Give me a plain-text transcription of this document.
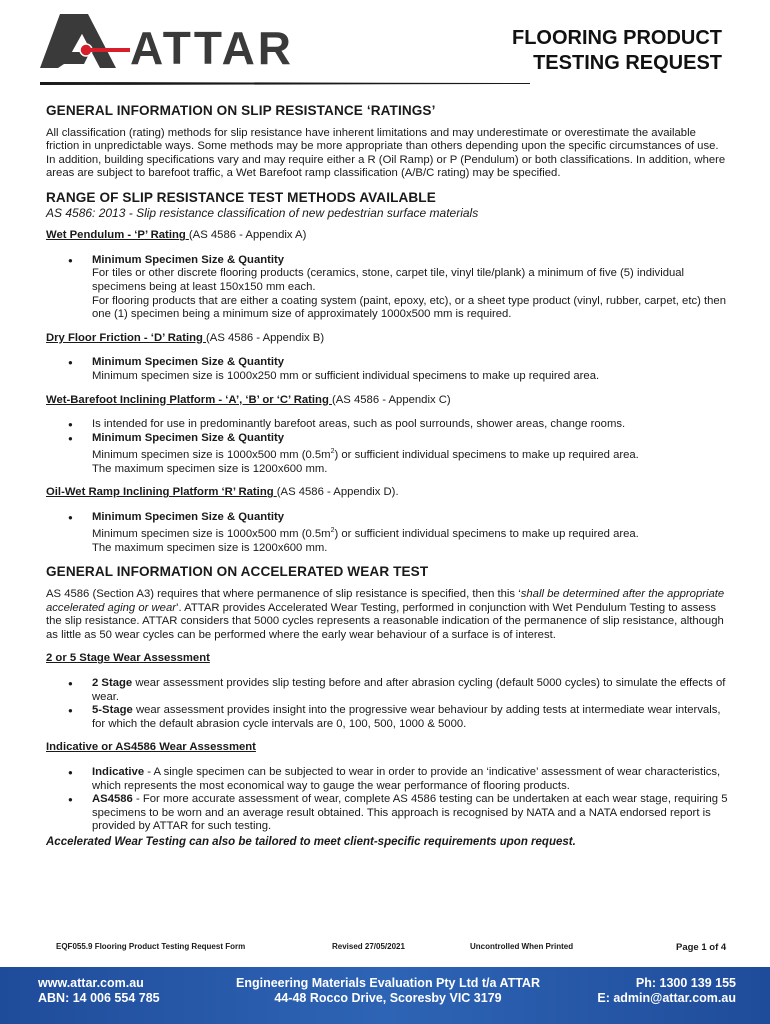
ATTAR	FLOORING PRODUCT
TESTING REQUEST
GENERAL INFORMATION ON SLIP RESISTANCE ‘RATINGS’
All classification (rating) methods for slip resistance have inherent limitations and may underestimate or overestimate the available friction in unpredictable ways. Some methods may be more appropriate than others depending upon the specific circumstances of use. In addition, building specifications vary and may require either a R (Oil Ramp) or P (Pendulum) or both classifications. In addition, where areas are subject to barefoot traffic, a Wet Barefoot ramp classification (A/B/C rating) may be specified.
RANGE OF SLIP RESISTANCE TEST METHODS AVAILABLE
AS 4586: 2013 - Slip resistance classification of new pedestrian surface materials
Wet Pendulum - ‘P’ Rating (AS 4586 - Appendix A)
● Minimum Specimen Size & Quantity
For tiles or other discrete flooring products (ceramics, stone, carpet tile, vinyl tile/plank) a minimum of five (5) individual specimens being at least 150x150 mm each.
For flooring products that are either a coating system (paint, epoxy, etc), or a sheet type product (vinyl, rubber, carpet, etc) then one (1) specimen being a minimum size of approximately 1000x500 mm is required.
Dry Floor Friction - ‘D’ Rating (AS 4586 - Appendix B)
● Minimum Specimen Size & Quantity
Minimum specimen size is 1000x250 mm or sufficient individual specimens to make up required area.
Wet-Barefoot Inclining Platform - ‘A’, ‘B’ or ‘C’ Rating (AS 4586 - Appendix C)
● Is intended for use in predominantly barefoot areas, such as pool surrounds, shower areas, change rooms.
● Minimum Specimen Size & Quantity
Minimum specimen size is 1000x500 mm $(0.5m^2)$ or sufficient individual specimens to make up required area.
The maximum specimen size is 1200x600 mm.
Oil-Wet Ramp Inclining Platform ‘R’ Rating (AS 4586 - Appendix D).
● Minimum Specimen Size & Quantity
Minimum specimen size is 1000x500 mm $(0.5m^2)$ or sufficient individual specimens to make up required area.
The maximum specimen size is 1200x600 mm.
GENERAL INFORMATION ON ACCELERATED WEAR TEST
AS 4586 (Section A3) requires that where permanence of slip resistance is specified, then this ‘shall be determined after the appropriate accelerated aging or wear’. ATTAR provides Accelerated Wear Testing, performed in conjunction with Wet Pendulum Testing to assess the slip resistance. ATTAR considers that 5000 cycles represents a reasonable indication of the permanence of slip resistance, although as little as 50 wear cycles can be performed where the early wear behaviour of a surface is of interest.
2 or 5 Stage Wear Assessment
● 2 Stage wear assessment provides slip testing before and after abrasion cycling (default 5000 cycles) to simulate the effects of wear.
● 5-Stage wear assessment provides insight into the progressive wear behaviour by adding tests at intermediate wear intervals, for which the default abrasion cycle intervals are 0, 100, 500, 1000 & 5000.
Indicative or AS4586 Wear Assessment
● Indicative - A single specimen can be subjected to wear in order to provide an ‘indicative’ assessment of wear characteristics, which represents the most economical way to gauge the wear performance of flooring products.
● AS4586 - For more accurate assessment of wear, complete AS 4586 testing can be undertaken at each wear stage, requiring 5 specimens to be worn and an average result obtained. This approach is recognised by NATA and a NATA endorsed report is provided by ATTAR for such testing.
Accelerated Wear Testing can also be tailored to meet client-specific requirements upon request.
EQF055.9 Flooring Product Testing Request Form	Revised 27/05/2021	Uncontrolled When Printed	Page 1 of 4
www.attar.com.au
ABN: 14 006 554 785
Engineering Materials Evaluation Pty Ltd t/a ATTAR
44-48 Rocco Drive, Scoresby VIC 3179
Ph: 1300 139 155
E: admin@attar.com.au
